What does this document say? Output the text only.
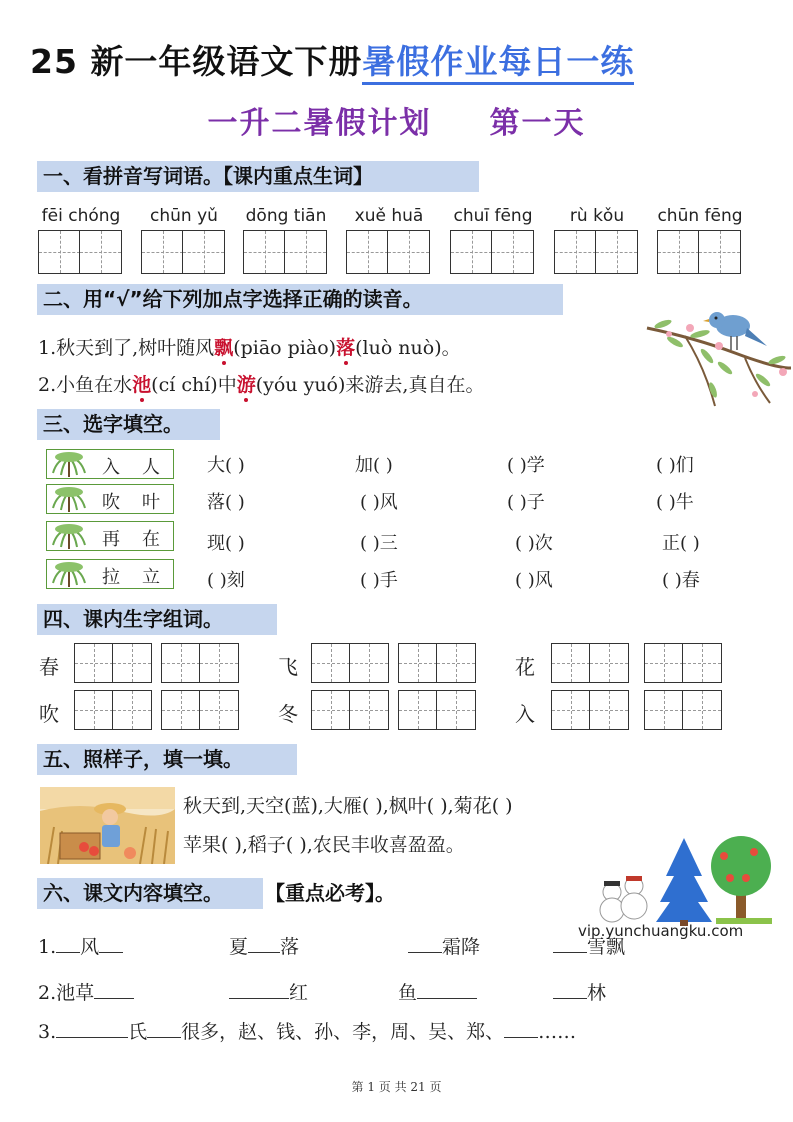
25 新一年级语文下册暑假作业每日一练
一升二暑假计划 第一天
一、看拼音写词语。【课内重点生词】
fēi chóng	chūn yǔ	dōng tiān	xuě huā	chuī fēng	rù kǒu	chūn fēng
二、用“√”给下列加点字选择正确的读音。
1.秋天到了,树叶随风飘(piāo piào)落(luò nuò)。
2.小鱼在水池(cí chí)中游(yóu yuó)来游去,真自在。
三、选字填空。
入 人
吹 叶
再 在
拉 立
大( )	加( )	( )学	( )们
落( )	( )风	( )子	( )牛
现( )	( )三	( )次	正( )
( )刻	( )手	( )风	( )春
四、课内生字组词。
春	飞	花
吹	冬	入
五、照样子，填一填。
秋天到,天空(蓝),大雁( ),枫叶( ),菊花( )
苹果( ),稻子( ),农民丰收喜盈盈。
六、课文内容填空。	【重点必考】。
1. 风	夏 落	霜降	雪飘
2.池草	红	鱼	林
3.	氏 很多，赵、钱、孙、李，周、吴、郑、 ……
vip.yunchuangku.com
第 1 页 共 21 页
